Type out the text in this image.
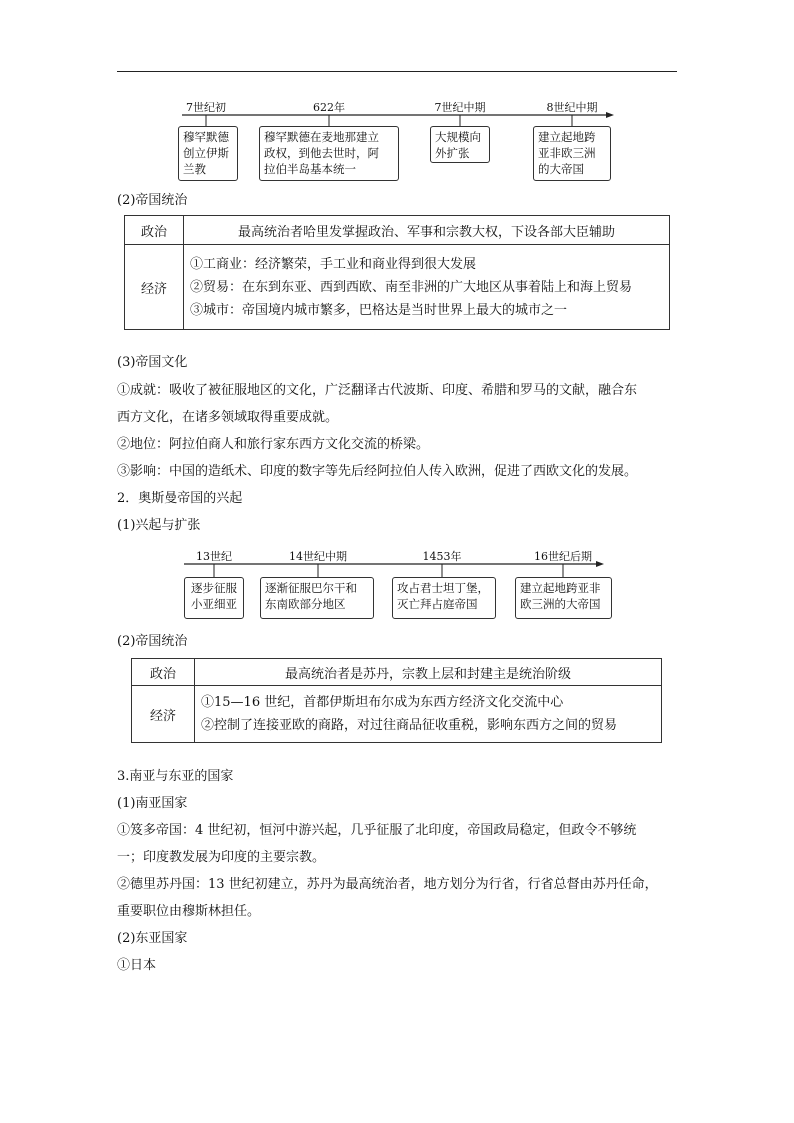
7世纪初	622年	7世纪中期	8世纪中期
穆罕默德
创立伊斯
兰教
穆罕默德在麦地那建立
政权，到他去世时，阿
拉伯半岛基本统一
大规模向
外扩张
建立起地跨
亚非欧三洲
的大帝国
(2)帝国统治
政治	最高统治者哈里发掌握政治、军事和宗教大权，下设各部大臣辅助
经济	①工商业：经济繁荣，手工业和商业得到很大发展
②贸易：在东到东亚、西到西欧、南至非洲的广大地区从事着陆上和海上贸易
③城市：帝国境内城市繁多，巴格达是当时世界上最大的城市之一
(3)帝国文化
①成就：吸收了被征服地区的文化，广泛翻译古代波斯、印度、希腊和罗马的文献，融合东
西方文化，在诸多领域取得重要成就。
②地位：阿拉伯商人和旅行家东西方文化交流的桥梁。
③影响：中国的造纸术、印度的数字等先后经阿拉伯人传入欧洲，促进了西欧文化的发展。
2．奥斯曼帝国的兴起
(1)兴起与扩张
13世纪	14世纪中期	1453年	16世纪后期
逐步征服
小亚细亚
逐渐征服巴尔干和
东南欧部分地区
攻占君士坦丁堡，
灭亡拜占庭帝国
建立起地跨亚非
欧三洲的大帝国
(2)帝国统治
政治	最高统治者是苏丹，宗教上层和封建主是统治阶级
经济	①15—16 世纪，首都伊斯坦布尔成为东西方经济文化交流中心
②控制了连接亚欧的商路，对过往商品征收重税，影响东西方之间的贸易
3.南亚与东亚的国家
(1)南亚国家
①笈多帝国：4 世纪初，恒河中游兴起，几乎征服了北印度，帝国政局稳定，但政令不够统
一；印度教发展为印度的主要宗教。
②德里苏丹国：13 世纪初建立，苏丹为最高统治者，地方划分为行省，行省总督由苏丹任命，
重要职位由穆斯林担任。
(2)东亚国家
①日本
